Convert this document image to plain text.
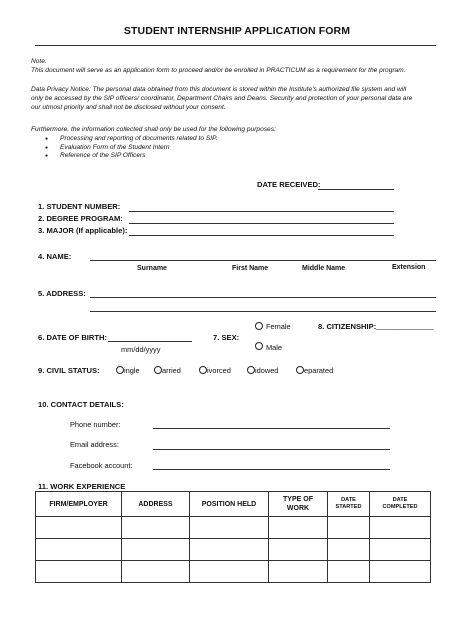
STUDENT INTERNSHIP APPLICATION FORM
Note:
This document will serve as an application form to proceed and/or be enrolled in PRACTICUM as a requirement for the program.
Data Privacy Notice: The personal data obtained from this document is stored within the Institute’s authorized file system and will
only be accessed by the SIP officers/ coordinator, Department Chairs and Deans. Security and protection of your personal data are
our utmost priority and shall not be disclosed without your consent.
Furthermore, the information collected shall only be used for the following purposes:
● Processing and reporting of documents related to SIP.
● Evaluation Form of the Student Intern
● Reference of the SIP Officers
DATE RECEIVED:
1. STUDENT NUMBER:
2. DEGREE PROGRAM:
3. MAJOR (If applicable):
4. NAME:
Surname	First Name	Middle Name	Extension
5. ADDRESS:
6. DATE OF BIRTH:
mm/dd/yyyy
7. SEX:
Female
Male
8. CITIZENSHIP: ______________
9. CIVIL STATUS:	ingle	arried	ivorced	idowed	eparated
10. CONTACT DETAILS:
Phone number:
Email address:
Facebook account:
11. WORK EXPERIENCE
FIRM/EMPLOYER	ADDRESS	POSITION HELD	TYPE OF WORK	DATE STARTED	DATE COMPLETED
